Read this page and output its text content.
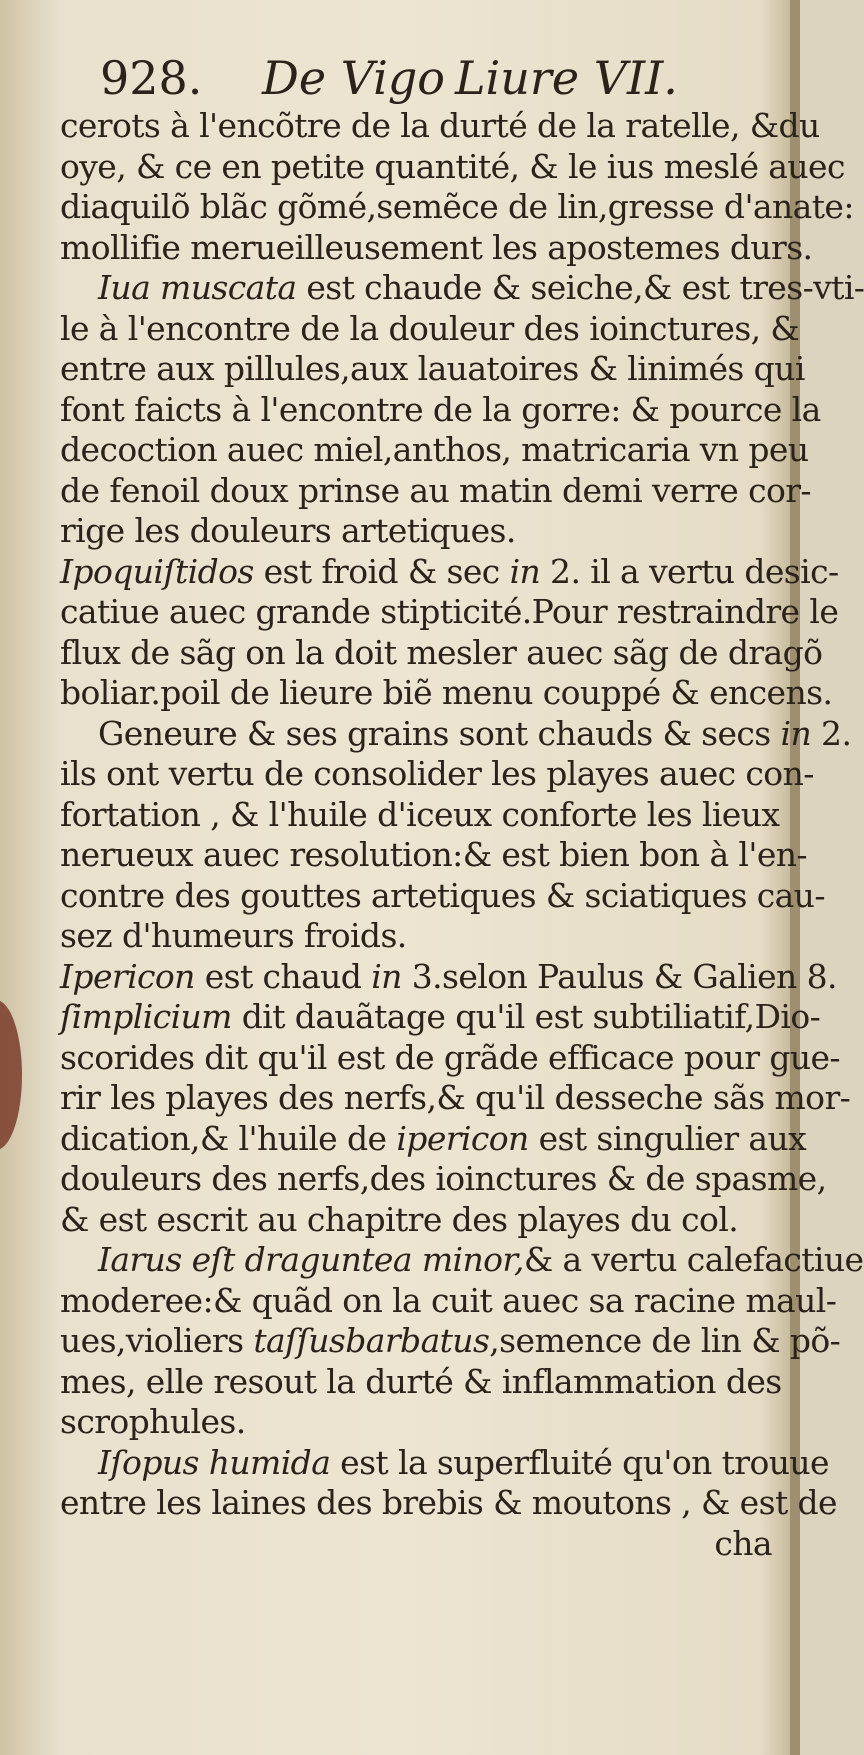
928. De Vigo Liure VII.
cerots à l'encõtre de la durté de la ratelle, &du
oye, & ce en petite quantité, & le ius meslé auec
diaquilõ blãc gõmé,semẽce de lin,gresse d'anate:
mollifie merueilleusement les apostemes durs.
Iua muscata est chaude & seiche,& est tres-vti-
le à l'encontre de la douleur des ioinctures, &
entre aux pillules,aux lauatoires & linimés qui
font faicts à l'encontre de la gorre: & pource la
decoction auec miel,anthos, matricaria vn peu
de fenoil doux prinse au matin demi verre cor-
rige les douleurs artetiques.
Ipoquiſtidos est froid & sec in 2. il a vertu desic-
catiue auec grande stipticité.Pour restraindre le
flux de sãg on la doit mesler auec sãg de dragõ
boliar.poil de lieure biẽ menu couppé & encens.
Geneure & ses grains sont chauds & secs in 2.
ils ont vertu de consolider les playes auec con-
fortation , & l'huile d'iceux conforte les lieux
nerueux auec resolution:& est bien bon à l'en-
contre des gouttes artetiques & sciatiques cau-
sez d'humeurs froids.
Ipericon est chaud in 3.selon Paulus & Galien 8.
ſimplicium dit dauãtage qu'il est subtiliatif,Dio-
scorides dit qu'il est de grãde efficace pour gue-
rir les playes des nerfs,& qu'il desseche sãs mor-
dication,& l'huile de ipericon est singulier aux
douleurs des nerfs,des ioinctures & de spasme,
& est escrit au chapitre des playes du col.
Iarus eſt draguntea minor,& a vertu calefactiue
moderee:& quãd on la cuit auec sa racine maul-
ues,violiers taſſusbarbatus,semence de lin & põ-
mes, elle resout la durté & inflammation des
scrophules.
Iſopus humida est la superfluité qu'on trouue
entre les laines des brebis & moutons , & est de
cha
